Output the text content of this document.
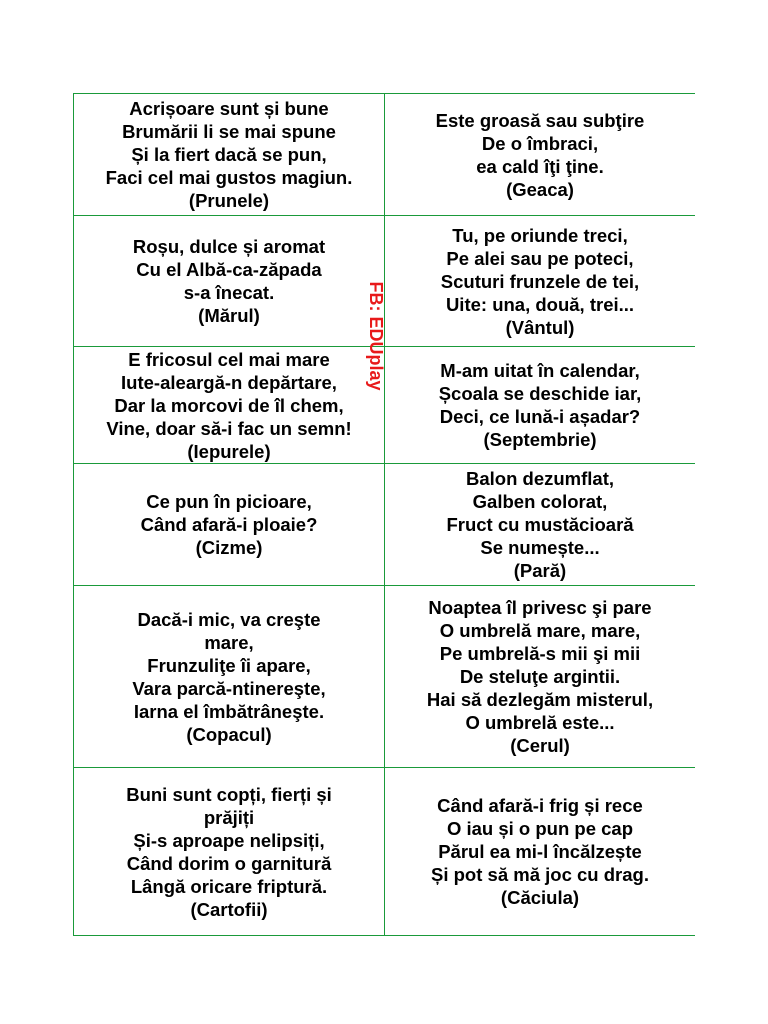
Acrișoare sunt și bune
Brumării li se mai spune
Și la fiert dacă se pun,
Faci cel mai gustos magiun.
(Prunele)
Este groasă sau subţire
De o îmbraci,
ea cald îţi ţine.
(Geaca)
Roșu, dulce și aromat
Cu el Albă-ca-zăpada
s-a înecat.
(Mărul)
Tu, pe oriunde treci,
Pe alei sau pe poteci,
Scuturi frunzele de tei,
Uite: una, două, trei...
(Vântul)
E fricosul cel mai mare
Iute-aleargă-n depărtare,
Dar la morcovi de îl chem,
Vine, doar să-i fac un semn!
(Iepurele)
M-am uitat în calendar,
Școala se deschide iar,
Deci, ce lună-i așadar?
(Septembrie)
Ce pun în picioare,
Când afară-i ploaie?
(Cizme)
Balon dezumflat,
Galben colorat,
Fruct cu mustăcioară
Se numește...
(Pară)
Dacă-i mic, va creşte
mare,
Frunzuliţe îi apare,
Vara parcă-ntinereşte,
Iarna el îmbătrâneşte.
(Copacul)
Noaptea îl privesc şi pare
O umbrelă mare, mare,
Pe umbrelă-s mii şi mii
De steluţe argintii.
Hai să dezlegăm misterul,
O umbrelă este...
(Cerul)
Buni sunt copți, fierți și
prăjiți
Și-s aproape nelipsiți,
Când dorim o garnitură
Lângă oricare friptură.
(Cartofii)
Când afară-i frig și rece
O iau și o pun pe cap
Părul ea mi-l încălzește
Și pot să mă joc cu drag.
(Căciula)
FB: EDUplay
